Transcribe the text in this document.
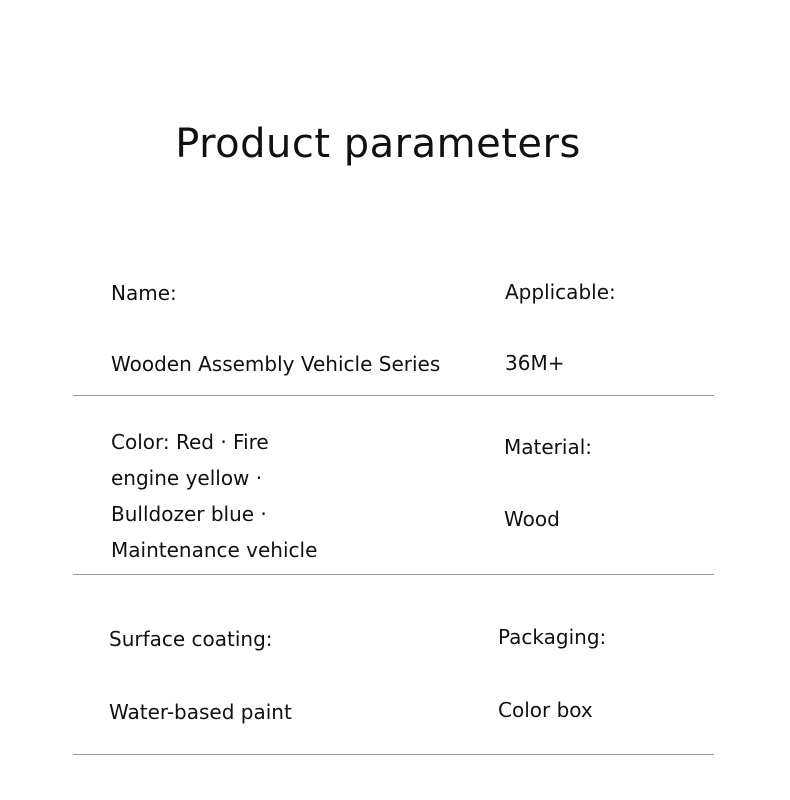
Product parameters
Name:
Wooden Assembly Vehicle Series
Applicable:
36M+
Color: Red · Fire engine yellow · Bulldozer blue · Maintenance vehicle
Material:
Wood
Surface coating:
Water-based paint
Packaging:
Color box
